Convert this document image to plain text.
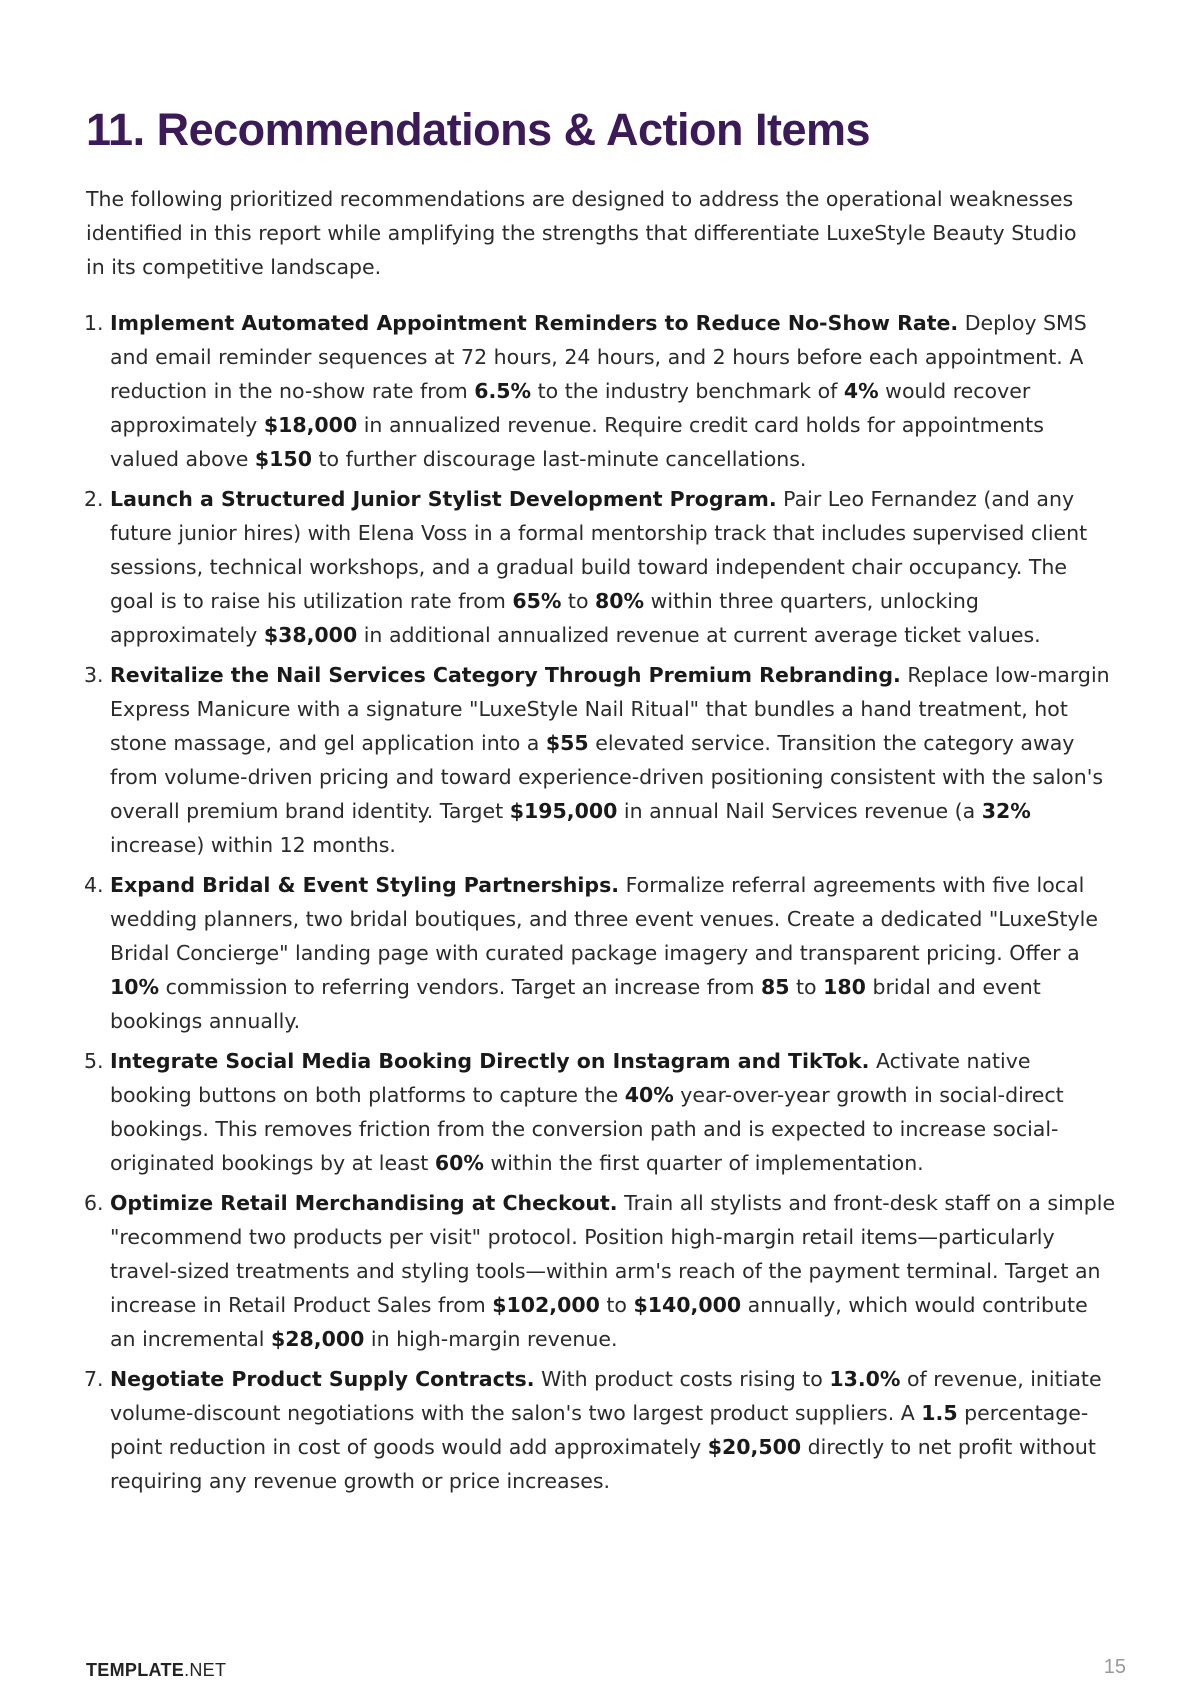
11. Recommendations & Action Items

The following prioritized recommendations are designed to address the operational weaknesses identified in this report while amplifying the strengths that differentiate LuxeStyle Beauty Studio in its competitive landscape.

1. Implement Automated Appointment Reminders to Reduce No-Show Rate. Deploy SMS and email reminder sequences at 72 hours, 24 hours, and 2 hours before each appointment. A reduction in the no-show rate from 6.5% to the industry benchmark of 4% would recover approximately $18,000 in annualized revenue. Require credit card holds for appointments valued above $150 to further discourage last-minute cancellations.
2. Launch a Structured Junior Stylist Development Program. Pair Leo Fernandez (and any future junior hires) with Elena Voss in a formal mentorship track that includes supervised client sessions, technical workshops, and a gradual build toward independent chair occupancy. The goal is to raise his utilization rate from 65% to 80% within three quarters, unlocking approximately $38,000 in additional annualized revenue at current average ticket values.
3. Revitalize the Nail Services Category Through Premium Rebranding. Replace low-margin Express Manicure with a signature "LuxeStyle Nail Ritual" that bundles a hand treatment, hot stone massage, and gel application into a $55 elevated service. Transition the category away from volume-driven pricing and toward experience-driven positioning consistent with the salon's overall premium brand identity. Target $195,000 in annual Nail Services revenue (a 32% increase) within 12 months.
4. Expand Bridal & Event Styling Partnerships. Formalize referral agreements with five local wedding planners, two bridal boutiques, and three event venues. Create a dedicated "LuxeStyle Bridal Concierge" landing page with curated package imagery and transparent pricing. Offer a 10% commission to referring vendors. Target an increase from 85 to 180 bridal and event bookings annually.
5. Integrate Social Media Booking Directly on Instagram and TikTok. Activate native booking buttons on both platforms to capture the 40% year-over-year growth in social-direct bookings. This removes friction from the conversion path and is expected to increase social-originated bookings by at least 60% within the first quarter of implementation.
6. Optimize Retail Merchandising at Checkout. Train all stylists and front-desk staff on a simple "recommend two products per visit" protocol. Position high-margin retail items—particularly travel-sized treatments and styling tools—within arm's reach of the payment terminal. Target an increase in Retail Product Sales from $102,000 to $140,000 annually, which would contribute an incremental $28,000 in high-margin revenue.
7. Negotiate Product Supply Contracts. With product costs rising to 13.0% of revenue, initiate volume-discount negotiations with the salon's two largest product suppliers. A 1.5 percentage-point reduction in cost of goods would add approximately $20,500 directly to net profit without requiring any revenue growth or price increases.
TEMPLATE.NET	15
